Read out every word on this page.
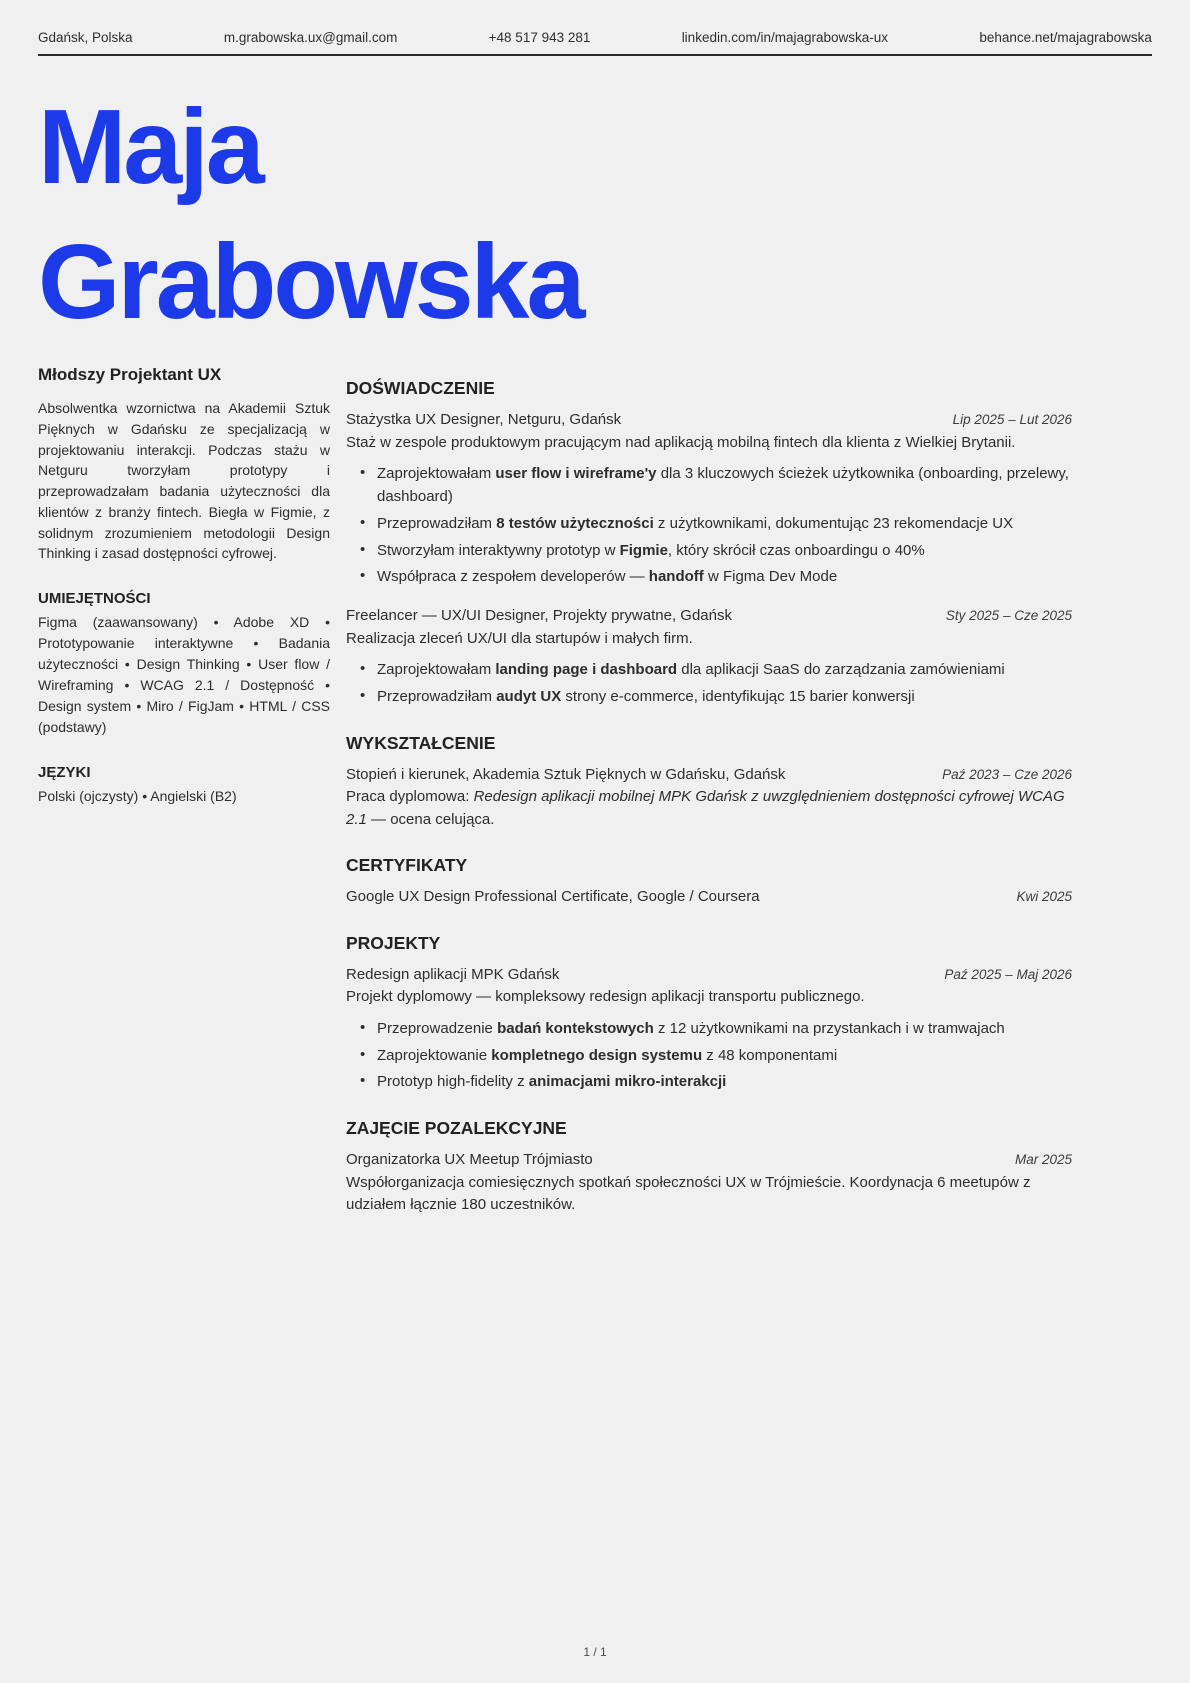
Gdańsk, Polska	m.grabowska.ux@gmail.com	+48 517 943 281	linkedin.com/in/majagrabowska-ux	behance.net/majagrabowska
Maja
Grabowska
Młodszy Projektant UX

Absolwentka wzornictwa na Akademii Sztuk Pięknych w Gdańsku ze specjalizacją w projektowaniu interakcji. Podczas stażu w Netguru tworzyłam prototypy i przeprowadzałam badania użyteczności dla klientów z branży fintech. Biegła w Figmie, z solidnym zrozumieniem metodologii Design Thinking i zasad dostępności cyfrowej.

UMIEJĘTNOŚCI
Figma (zaawansowany) • Adobe XD • Prototypowanie interaktywne • Badania użyteczności • Design Thinking • User flow / Wireframing • WCAG 2.1 / Dostępność • Design system • Miro / FigJam • HTML / CSS (podstawy)
JĘZYKI
Polski (ojczysty) • Angielski (B2)
DOŚWIADCZENIE
Stażystka UX Designer, Netguru, Gdańsk	Lip 2025 – Lut 2026

Staż w zespole produktowym pracującym nad aplikacją mobilną fintech dla klienta z Wielkiej Brytanii.

• Zaprojektowałam user flow i wireframe'y dla 3 kluczowych ścieżek użytkownika (onboarding, przelewy, dashboard)
• Przeprowadziłam 8 testów użyteczności z użytkownikami, dokumentując 23 rekomendacje UX
• Stworzyłam interaktywny prototyp w Figmie, który skrócił czas onboardingu o 40%
• Współpraca z zespołem developerów — handoff w Figma Dev Mode
Freelancer — UX/UI Designer, Projekty prywatne, Gdańsk	Sty 2025 – Cze 2025

Realizacja zleceń UX/UI dla startupów i małych firm.

• Zaprojektowałam landing page i dashboard dla aplikacji SaaS do zarządzania zamówieniami
• Przeprowadziłam audyt UX strony e-commerce, identyfikując 15 barier konwersji
WYKSZTAŁCENIE
Stopień i kierunek, Akademia Sztuk Pięknych w Gdańsku, Gdańsk	Paź 2023 – Cze 2026

Praca dyplomowa: Redesign aplikacji mobilnej MPK Gdańsk z uwzględnieniem dostępności cyfrowej WCAG 2.1 — ocena celująca.

CERTYFIKATY
Google UX Design Professional Certificate, Google / Coursera	Kwi 2025
PROJEKTY
Redesign aplikacji MPK Gdańsk	Paź 2025 – Maj 2026

Projekt dyplomowy — kompleksowy redesign aplikacji transportu publicznego.

• Przeprowadzenie badań kontekstowych z 12 użytkownikami na przystankach i w tramwajach
• Zaprojektowanie kompletnego design systemu z 48 komponentami
• Prototyp high-fidelity z animacjami mikro-interakcji
ZAJĘCIE POZALEKCYJNE
Organizatorka UX Meetup Trójmiasto	Mar 2025

Współorganizacja comiesięcznych spotkań społeczności UX w Trójmieście. Koordynacja 6 meetupów z udziałem łącznie 180 uczestników.

1 / 1
